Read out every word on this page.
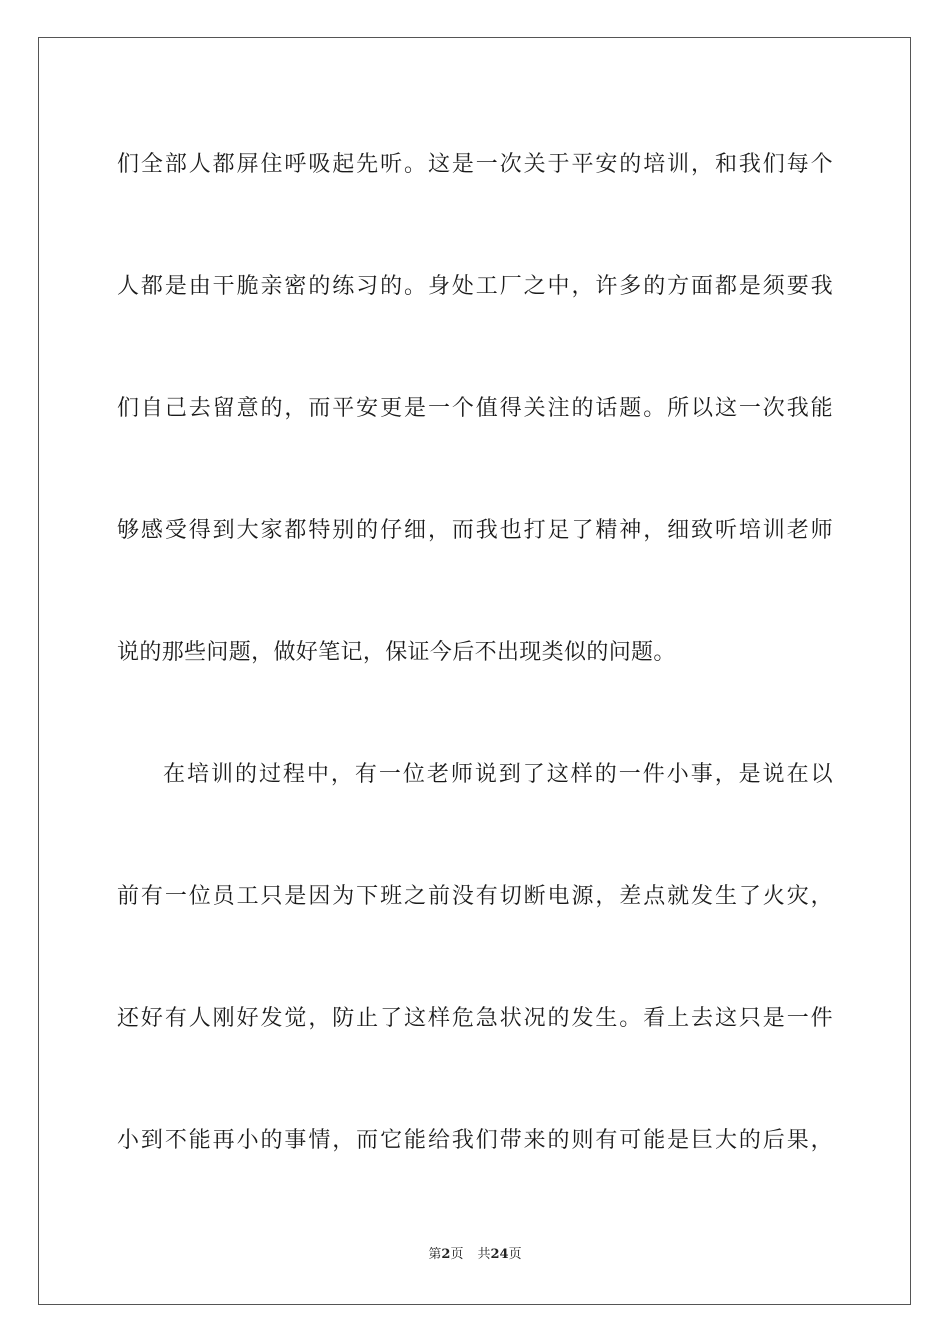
们全部人都屏住呼吸起先听。这是一次关于平安的培训，和我们每个
人都是由干脆亲密的练习的。身处工厂之中，许多的方面都是须要我
们自己去留意的，而平安更是一个值得关注的话题。所以这一次我能
够感受得到大家都特别的仔细，而我也打足了精神，细致听培训老师
说的那些问题，做好笔记，保证今后不出现类似的问题。
在培训的过程中，有一位老师说到了这样的一件小事，是说在以
前有一位员工只是因为下班之前没有切断电源，差点就发生了火灾，
还好有人刚好发觉，防止了这样危急状况的发生。看上去这只是一件
小到不能再小的事情，而它能给我们带来的则有可能是巨大的后果，
第2页 共24页
